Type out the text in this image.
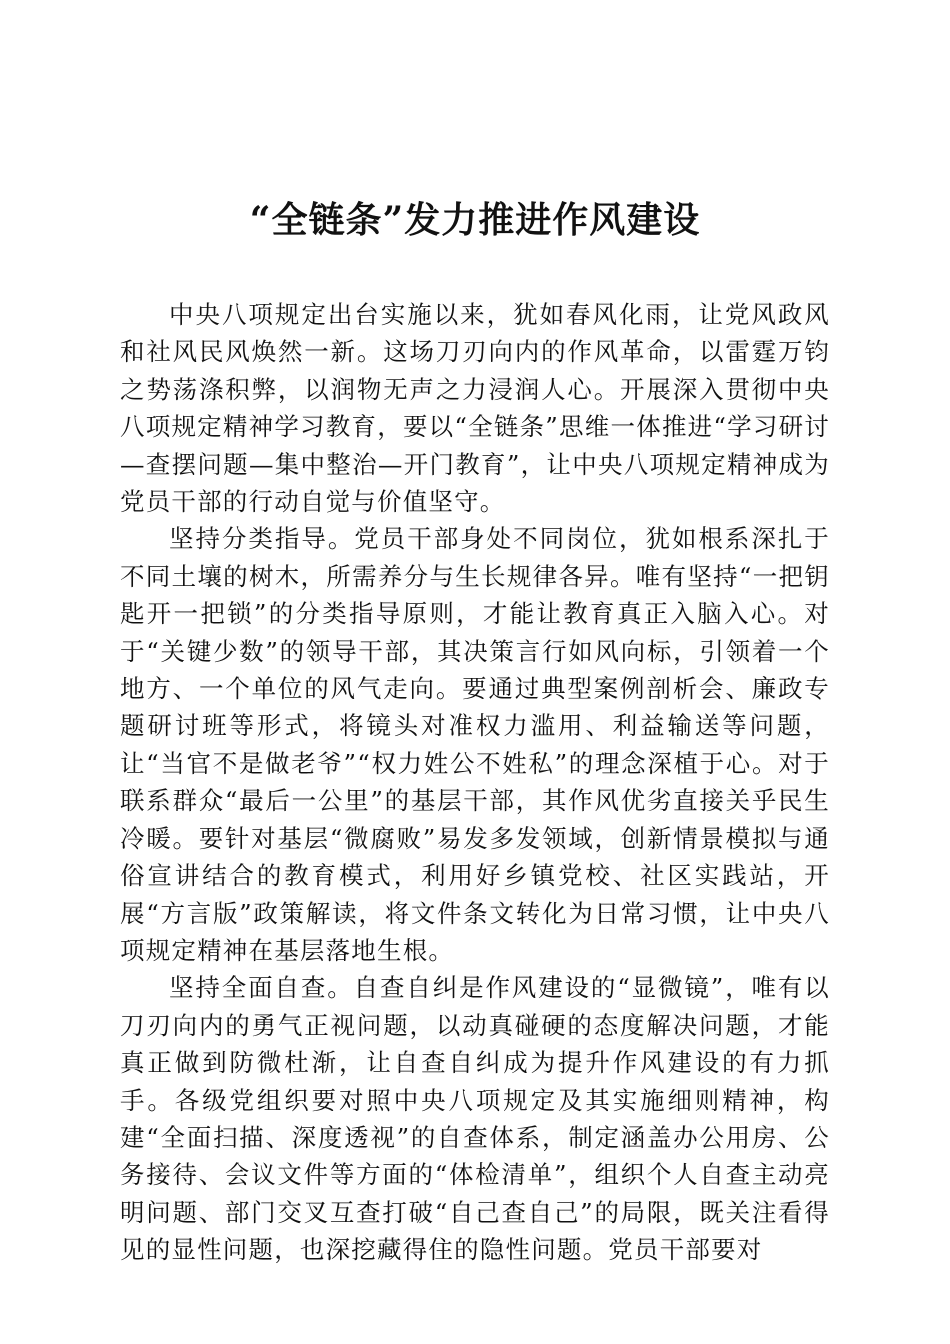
“全链条”发力推进作风建设

中央八项规定出台实施以来，犹如春风化雨，让党风政风和社风民风焕然一新。这场刀刃向内的作风革命，以雷霆万钧之势荡涤积弊，以润物无声之力浸润人心。开展深入贯彻中央八项规定精神学习教育，要以“全链条”思维一体推进“学习研讨—查摆问题—集中整治—开门教育”，让中央八项规定精神成为党员干部的行动自觉与价值坚守。

坚持分类指导。党员干部身处不同岗位，犹如根系深扎于不同土壤的树木，所需养分与生长规律各异。唯有坚持“一把钥匙开一把锁”的分类指导原则，才能让教育真正入脑入心。对于“关键少数”的领导干部，其决策言行如风向标，引领着一个地方、一个单位的风气走向。要通过典型案例剖析会、廉政专题研讨班等形式，将镜头对准权力滥用、利益输送等问题，让“当官不是做老爷”“权力姓公不姓私”的理念深植于心。对于联系群众“最后一公里”的基层干部，其作风优劣直接关乎民生冷暖。要针对基层“微腐败”易发多发领域，创新情景模拟与通俗宣讲结合的教育模式，利用好乡镇党校、社区实践站，开展“方言版”政策解读，将文件条文转化为日常习惯，让中央八项规定精神在基层落地生根。

坚持全面自查。自查自纠是作风建设的“显微镜”，唯有以刀刃向内的勇气正视问题，以动真碰硬的态度解决问题，才能真正做到防微杜渐，让自查自纠成为提升作风建设的有力抓手。各级党组织要对照中央八项规定及其实施细则精神，构建“全面扫描、深度透视”的自查体系，制定涵盖办公用房、公务接待、会议文件等方面的“体检清单”，组织个人自查主动亮明问题、部门交叉互查打破“自己查自己”的局限，既关注看得见的显性问题，也深挖藏得住的隐性问题。党员干部要对
